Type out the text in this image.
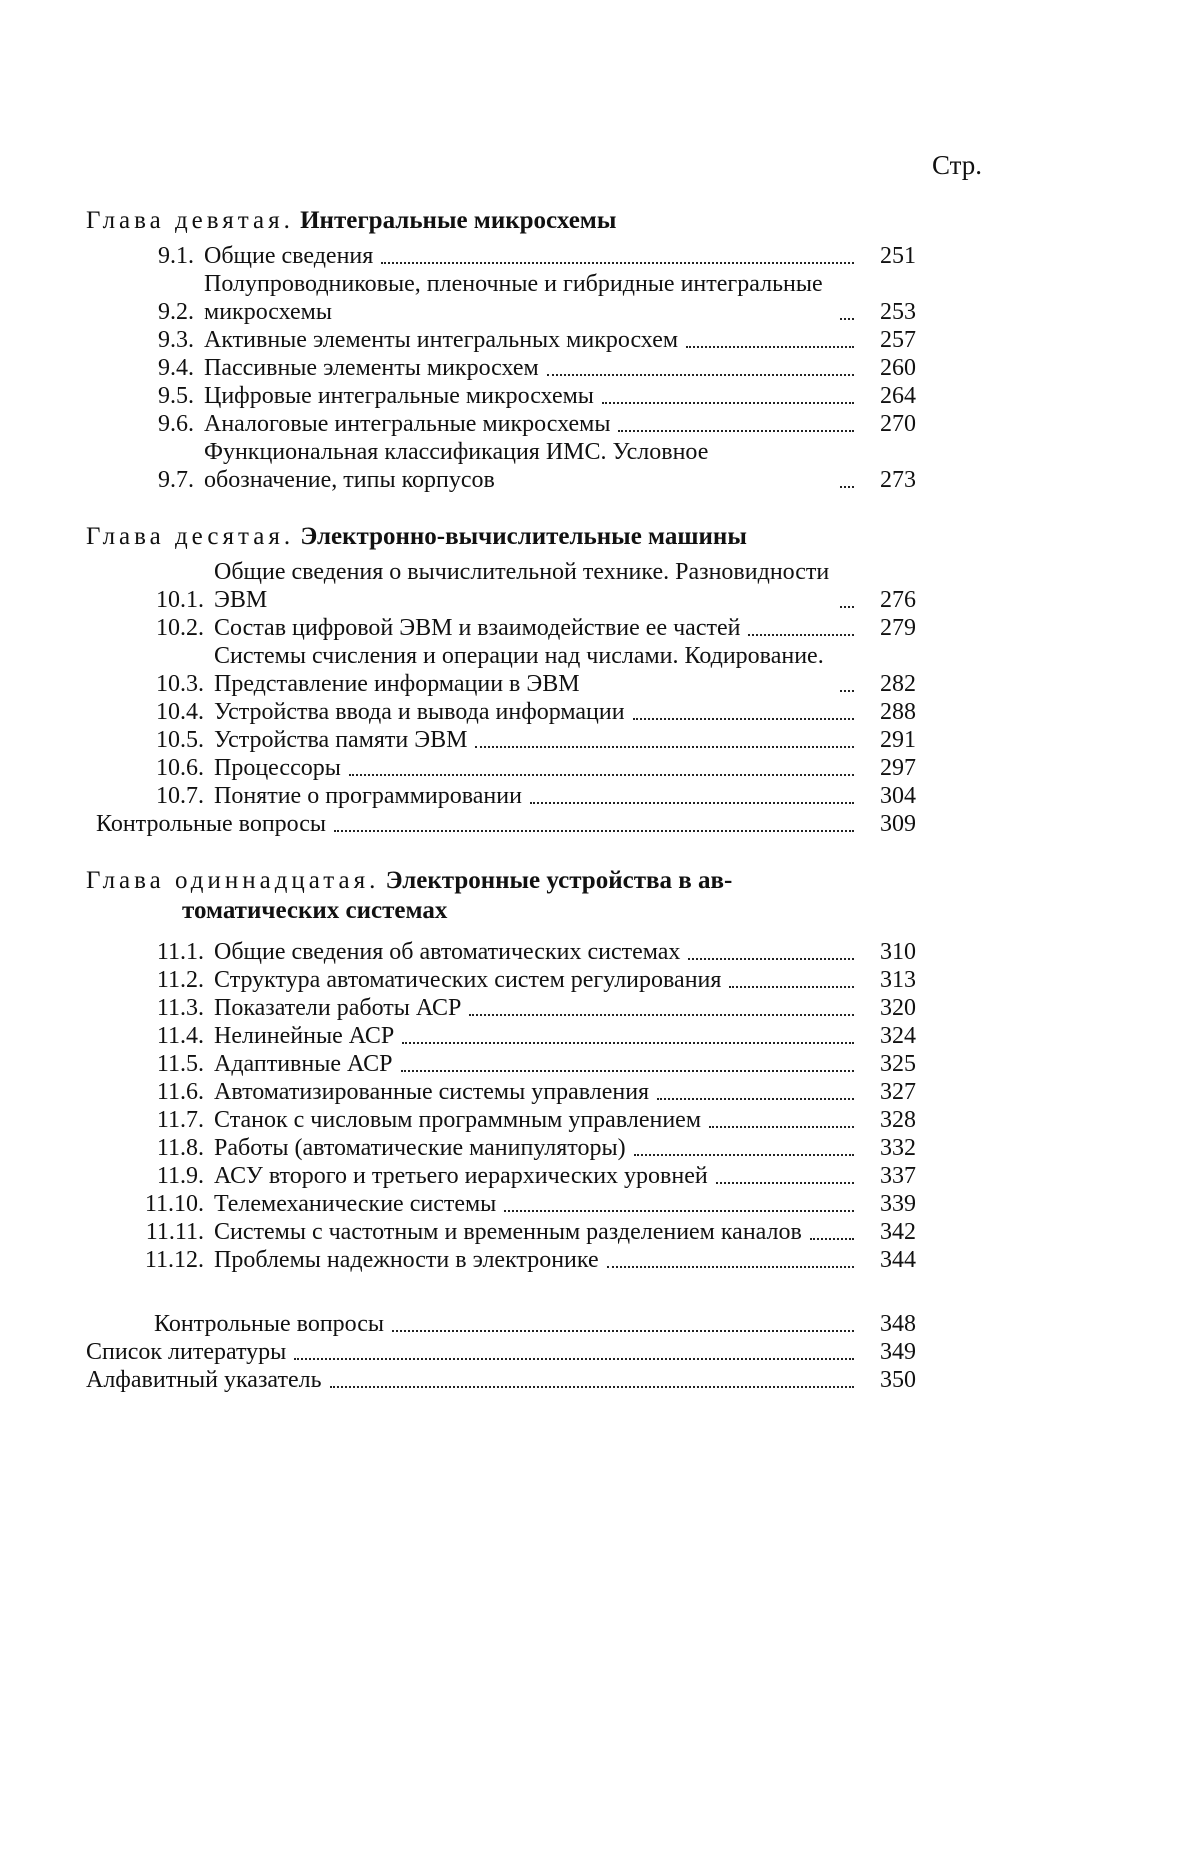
Стр.
Глава девятая. Интегральные микросхемы
9.1. Общие сведения	251
9.2.
Полупроводниковые, пленочные и гибридные интегральные микросхемы	253
9.3. Активные элементы интегральных микросхем	257
9.4. Пассивные элементы микросхем	260
9.5. Цифровые интегральные микросхемы	264
9.6. Аналоговые интегральные микросхемы	270
9.7.
Функциональная классификация ИМС. Условное обозначение, типы корпусов	273
Глава десятая. Электронно-вычислительные машины
10.1.
Общие сведения о вычислительной технике. Разновидности ЭВМ	276
10.2. Состав цифровой ЭВМ и взаимодействие ее частей	279
10.3.
Системы счисления и операции над числами. Кодирование. Представление информации в ЭВМ	282
10.4. Устройства ввода и вывода информации	288
10.5. Устройства памяти ЭВМ	291
10.6. Процессоры	297
10.7. Понятие о программировании	304
Контрольные вопросы	309
Глава одиннадцатая. Электронные устройства в ав-
томатических системах
11.1. Общие сведения об автоматических системах	310
11.2. Структура автоматических систем регулирования	313
11.3. Показатели работы АСР	320
11.4. Нелинейные АСР	324
11.5. Адаптивные АСР	325
11.6. Автоматизированные системы управления	327
11.7. Станок с числовым программным управлением	328
11.8. Работы (автоматические манипуляторы)	332
11.9. АСУ второго и третьего иерархических уровней	337
11.10. Телемеханические системы	339
11.11. Системы с частотным и временным разделением каналов	342
11.12. Проблемы надежности в электронике	344
Контрольные вопросы	348
Список литературы	349
Алфавитный указатель	350
